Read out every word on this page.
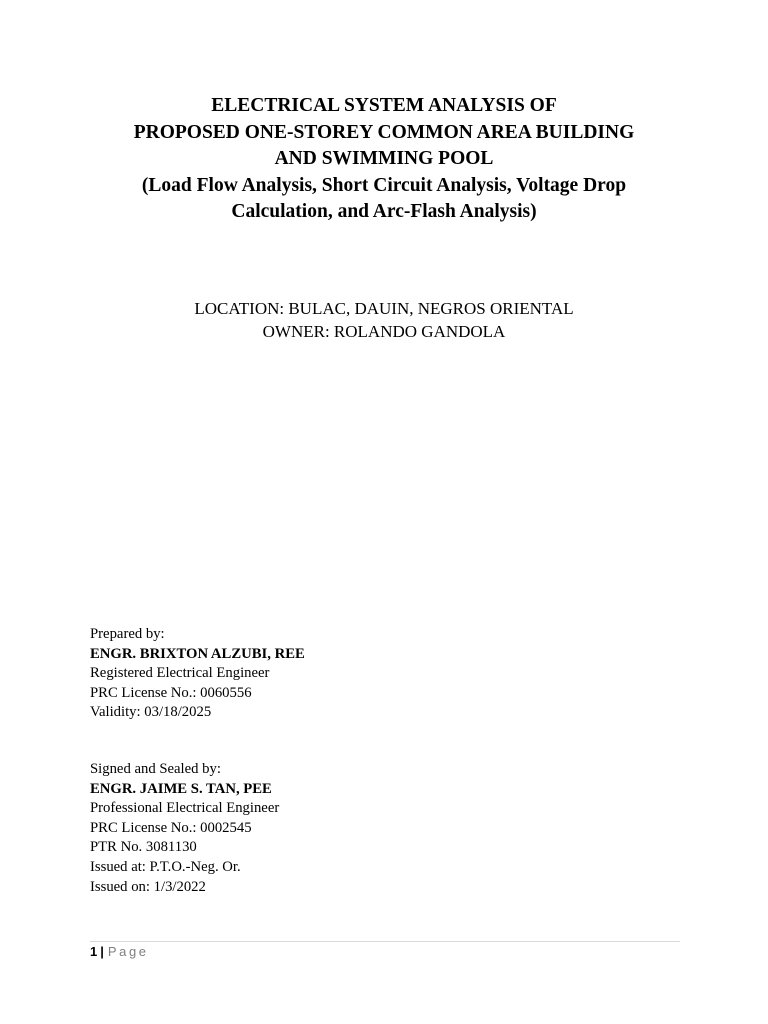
ELECTRICAL SYSTEM ANALYSIS OF
PROPOSED ONE-STOREY COMMON AREA BUILDING
AND SWIMMING POOL
(Load Flow Analysis, Short Circuit Analysis, Voltage Drop
Calculation, and Arc-Flash Analysis)
LOCATION: BULAC, DAUIN, NEGROS ORIENTAL
OWNER: ROLANDO GANDOLA
Prepared by:
ENGR. BRIXTON ALZUBI, REE
Registered Electrical Engineer
PRC License No.: 0060556
Validity: 03/18/2025
Signed and Sealed by:
ENGR. JAIME S. TAN, PEE
Professional Electrical Engineer
PRC License No.: 0002545
PTR No. 3081130
Issued at: P.T.O.-Neg. Or.
Issued on: 1/3/2022
1 | Page
